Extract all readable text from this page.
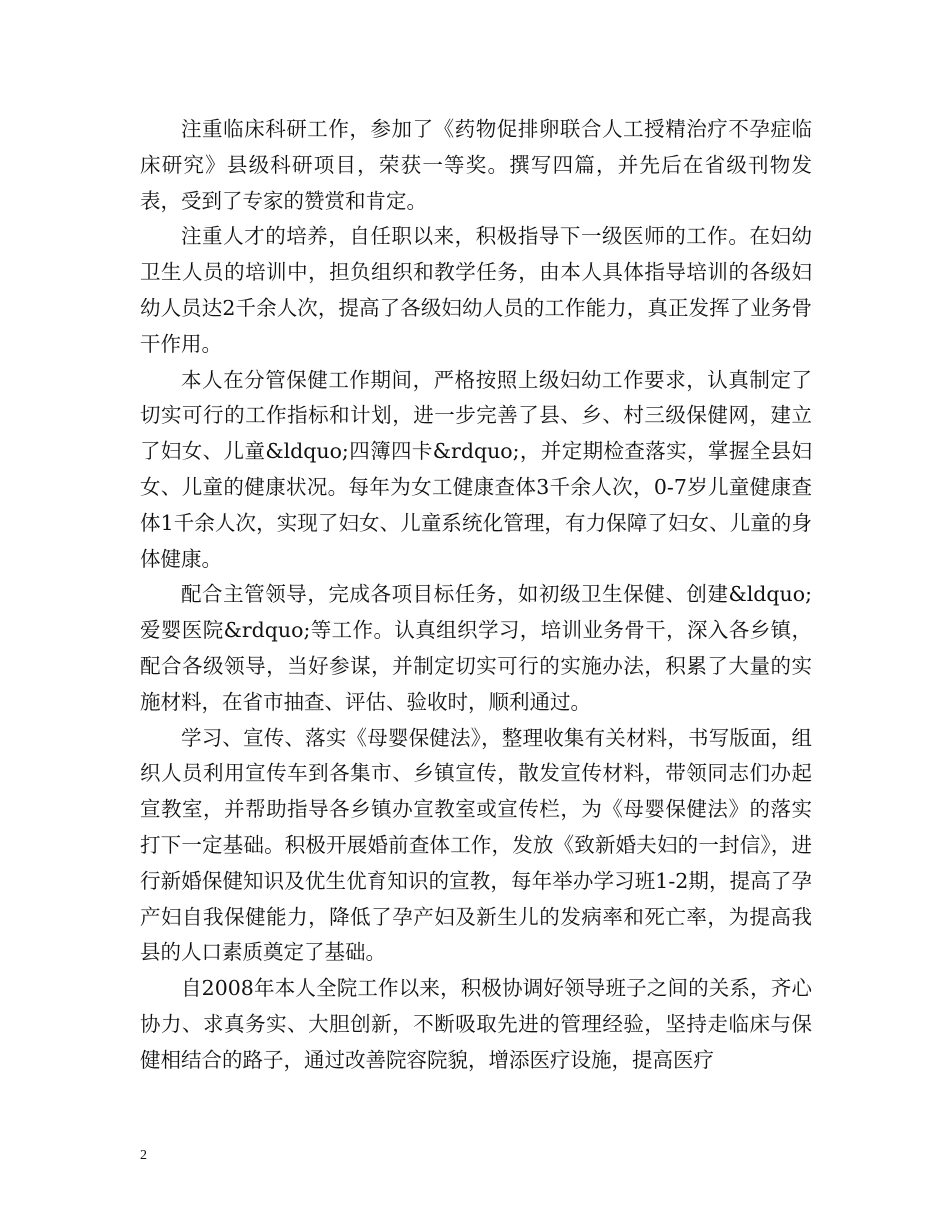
注重临床科研工作，参加了《药物促排卵联合人工授精治疗不孕症临床研究》县级科研项目，荣获一等奖。撰写四篇，并先后在省级刊物发表，受到了专家的赞赏和肯定。

注重人才的培养，自任职以来，积极指导下一级医师的工作。在妇幼卫生人员的培训中，担负组织和教学任务，由本人具体指导培训的各级妇幼人员达2千余人次，提高了各级妇幼人员的工作能力，真正发挥了业务骨干作用。

本人在分管保健工作期间，严格按照上级妇幼工作要求，认真制定了切实可行的工作指标和计划，进一步完善了县、乡、村三级保健网，建立了妇女、儿童&ldquo;四簿四卡&rdquo;，并定期检查落实，掌握全县妇女、儿童的健康状况。每年为女工健康查体3千余人次，0-7岁儿童健康查体1千余人次，实现了妇女、儿童系统化管理，有力保障了妇女、儿童的身体健康。

配合主管领导，完成各项目标任务，如初级卫生保健、创建&ldquo;爱婴医院&rdquo;等工作。认真组织学习，培训业务骨干，深入各乡镇，配合各级领导，当好参谋，并制定切实可行的实施办法，积累了大量的实施材料，在省市抽查、评估、验收时，顺利通过。

学习、宣传、落实《母婴保健法》，整理收集有关材料，书写版面，组织人员利用宣传车到各集市、乡镇宣传，散发宣传材料，带领同志们办起宣教室，并帮助指导各乡镇办宣教室或宣传栏，为《母婴保健法》的落实打下一定基础。积极开展婚前查体工作，发放《致新婚夫妇的一封信》，进行新婚保健知识及优生优育知识的宣教，每年举办学习班1-2期，提高了孕产妇自我保健能力，降低了孕产妇及新生儿的发病率和死亡率，为提高我县的人口素质奠定了基础。

自2008年本人全院工作以来，积极协调好领导班子之间的关系，齐心协力、求真务实、大胆创新，不断吸取先进的管理经验，坚持走临床与保健相结合的路子，通过改善院容院貌，增添医疗设施，提高医疗

2
